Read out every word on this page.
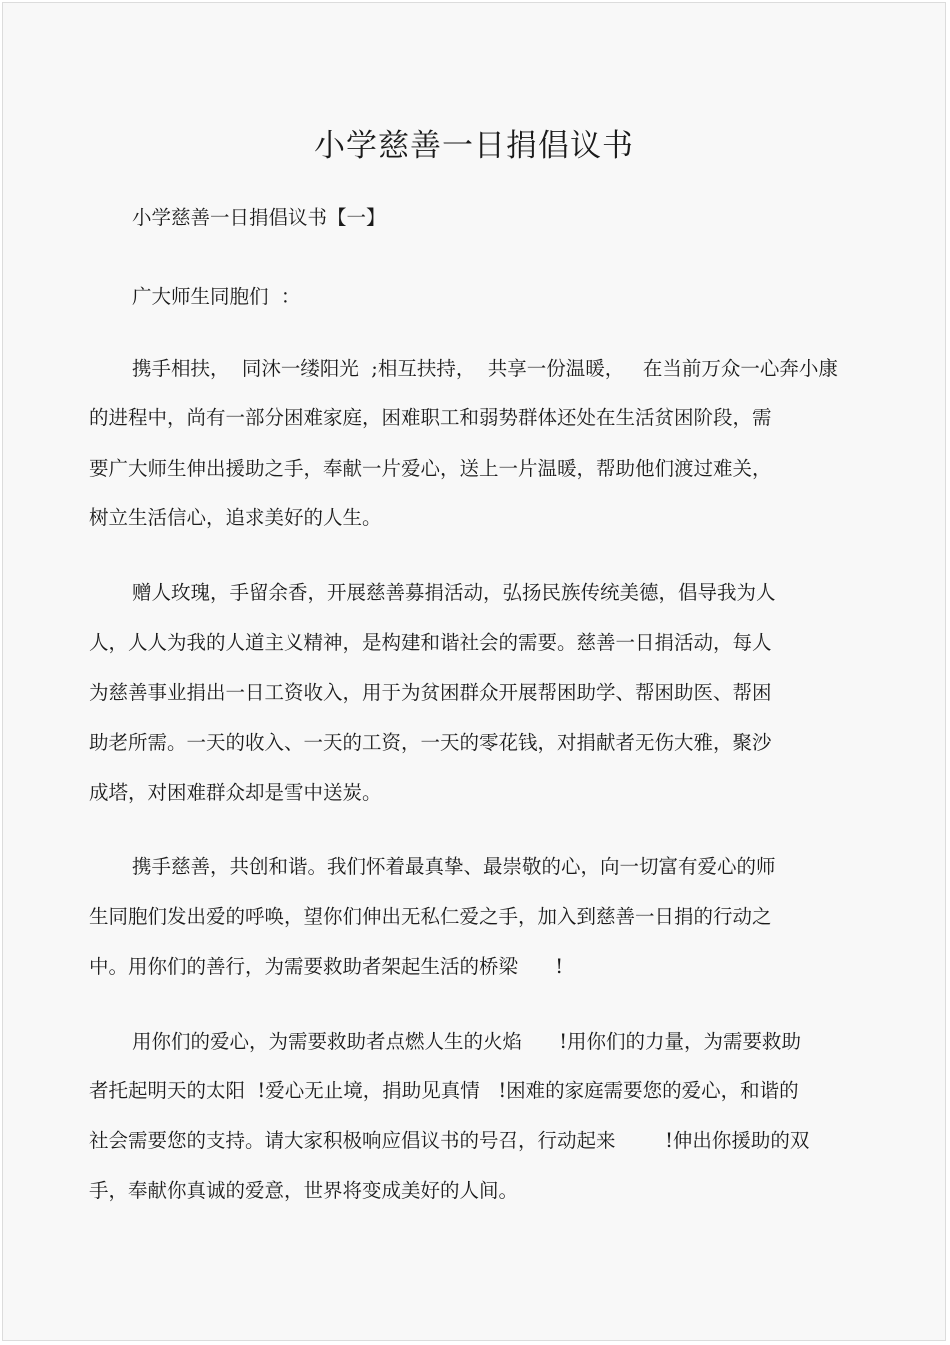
小学慈善一日捐倡议书

小学慈善一日捐倡议书【一】

广大师生同胞们  ：

携手相扶，  同沐一缕阳光  ;相互扶持，  共享一份温暖，   在当前万众一心奔小康

的进程中，尚有一部分困难家庭，困难职工和弱势群体还处在生活贫困阶段，需

要广大师生伸出援助之手，奉献一片爱心，送上一片温暖，帮助他们渡过难关，

树立生活信心，追求美好的人生。

赠人玫瑰，手留余香，开展慈善募捐活动，弘扬民族传统美德，倡导我为人

人，人人为我的人道主义精神，是构建和谐社会的需要。慈善一日捐活动，每人

为慈善事业捐出一日工资收入，用于为贫困群众开展帮困助学、帮困助医、帮困

助老所需。一天的收入、一天的工资，一天的零花钱，对捐献者无伤大雅，聚沙

成塔，对困难群众却是雪中送炭。

携手慈善，共创和谐。我们怀着最真挚、最崇敬的心，向一切富有爱心的师

生同胞们发出爱的呼唤，望你们伸出无私仁爱之手，加入到慈善一日捐的行动之

中。用你们的善行，为需要救助者架起生活的桥梁      !

用你们的爱心，为需要救助者点燃人生的火焰      !用你们的力量，为需要救助

者托起明天的太阳  !爱心无止境，捐助见真情   !困难的家庭需要您的爱心，和谐的

社会需要您的支持。请大家积极响应倡议书的号召，行动起来        !伸出你援助的双

手，奉献你真诚的爱意，世界将变成美好的人间。
